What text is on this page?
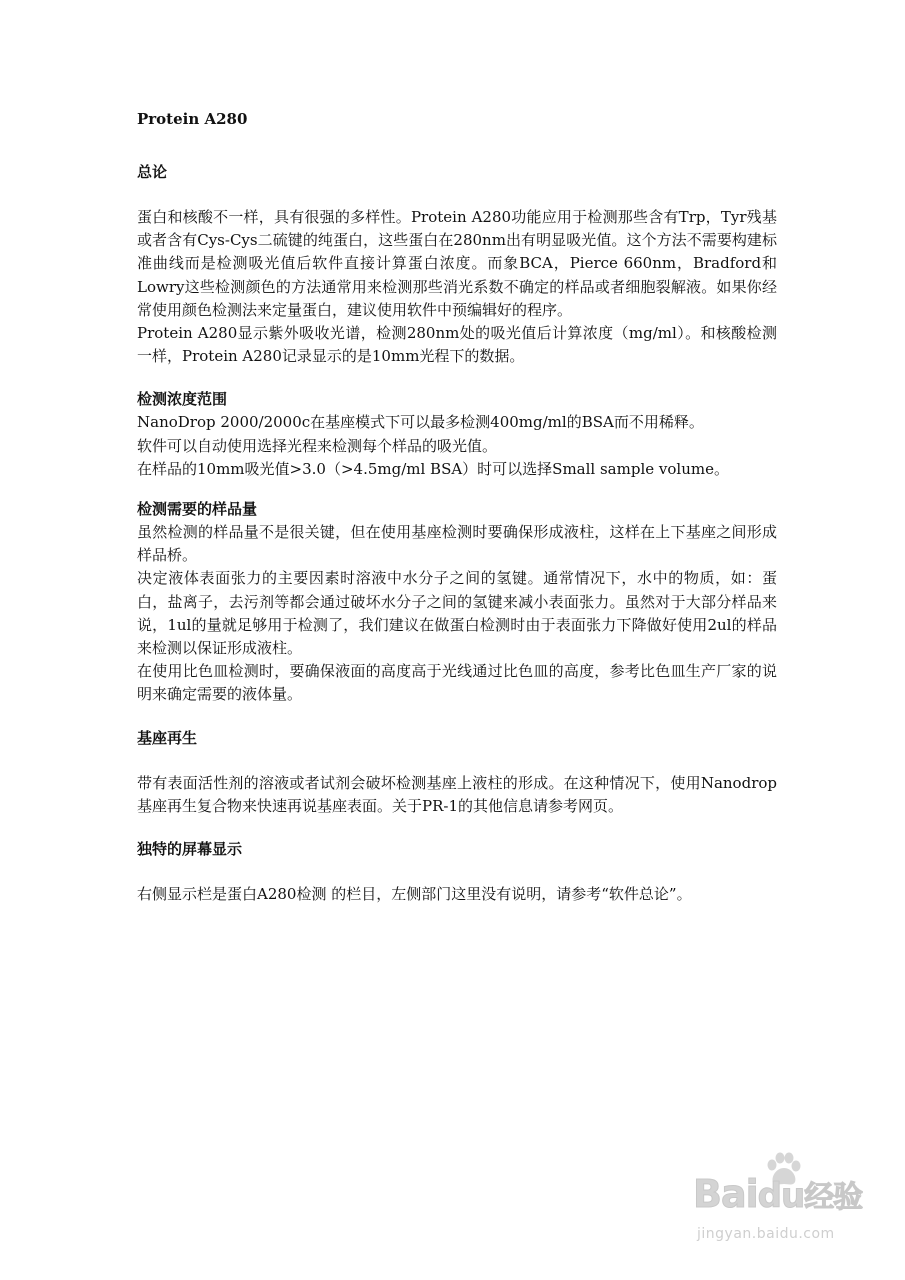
Protein A280
总论

蛋白和核酸不一样，具有很强的多样性。Protein A280功能应用于检测那些含有Trp，Tyr残基或者含有Cys-Cys二硫键的纯蛋白，这些蛋白在280nm出有明显吸光值。这个方法不需要构建标准曲线而是检测吸光值后软件直接计算蛋白浓度。而象BCA，Pierce 660nm，Bradford和Lowry这些检测颜色的方法通常用来检测那些消光系数不确定的样品或者细胞裂解液。如果你经常使用颜色检测法来定量蛋白，建议使用软件中预编辑好的程序。

Protein A280显示紫外吸收光谱，检测280nm处的吸光值后计算浓度（mg/ml）。和核酸检测一样，Protein A280记录显示的是10mm光程下的数据。

检测浓度范围

NanoDrop 2000/2000c在基座模式下可以最多检测400mg/ml的BSA而不用稀释。

软件可以自动使用选择光程来检测每个样品的吸光值。

在样品的10mm吸光值>3.0（>4.5mg/ml BSA）时可以选择Small sample volume。

检测需要的样品量

虽然检测的样品量不是很关键，但在使用基座检测时要确保形成液柱，这样在上下基座之间形成样品桥。

决定液体表面张力的主要因素时溶液中水分子之间的氢键。通常情况下，水中的物质，如：蛋白，盐离子，去污剂等都会通过破坏水分子之间的氢键来减小表面张力。虽然对于大部分样品来说，1ul的量就足够用于检测了，我们建议在做蛋白检测时由于表面张力下降做好使用2ul的样品来检测以保证形成液柱。

在使用比色皿检测时，要确保液面的高度高于光线通过比色皿的高度，参考比色皿生产厂家的说明来确定需要的液体量。

基座再生

带有表面活性剂的溶液或者试剂会破坏检测基座上液柱的形成。在这种情况下，使用Nanodrop基座再生复合物来快速再说基座表面。关于PR-1的其他信息请参考网页。

独特的屏幕显示

右侧显示栏是蛋白A280检测 的栏目，左侧部门这里没有说明，请参考“软件总论”。

Baidu经验
jingyan.baidu.com
